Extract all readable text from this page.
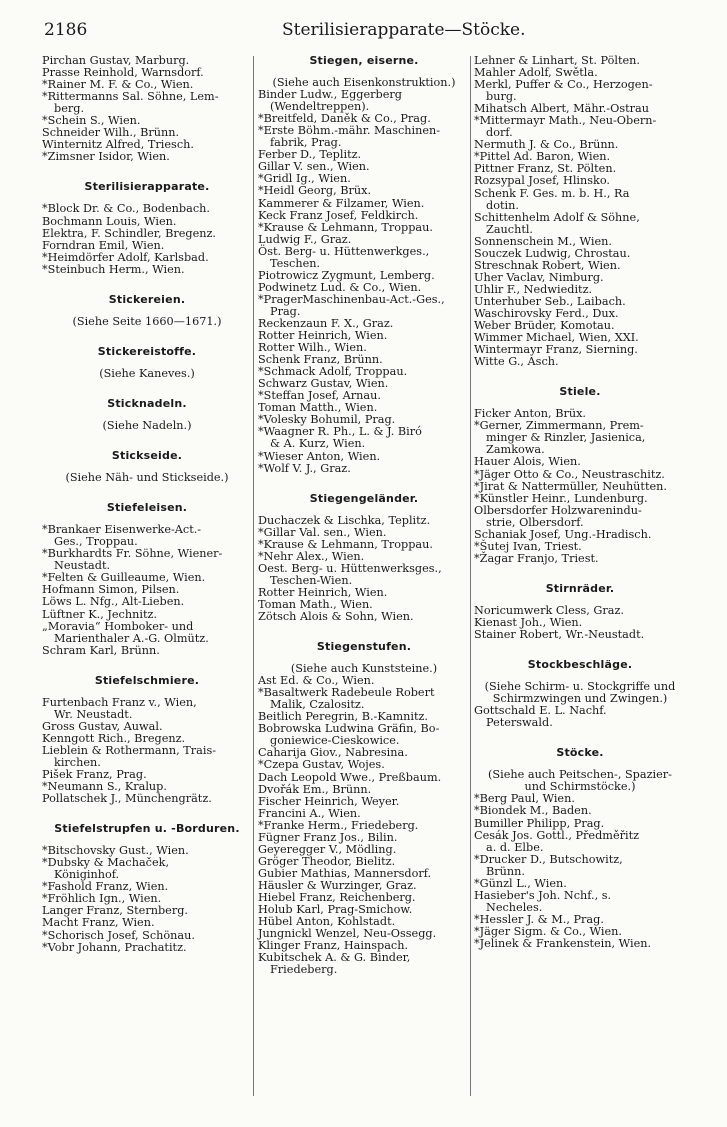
2186	Sterilisierapparate—Stöcke.
Pirchan Gustav, Marburg.
Prasse Reinhold, Warnsdorf.
*Rainer M. F. & Co., Wien.
*Rittermanns Sal. Söhne, Lem-
berg.
*Schein S., Wien.
Schneider Wilh., Brünn.
Winternitz Alfred, Triesch.
*Zimsner Isidor, Wien.
Sterilisierapparate.
*Block Dr. & Co., Bodenbach.
Bochmann Louis, Wien.
Elektra, F. Schindler, Bregenz.
Forndran Emil, Wien.
*Heimdörfer Adolf, Karlsbad.
*Steinbuch Herm., Wien.
Stickereien.
(Siehe Seite 1660—1671.)
Stickereistoffe.
(Siehe Kaneves.)
Sticknadeln.
(Siehe Nadeln.)
Stickseide.
(Siehe Näh- und Stickseide.)
Stiefeleisen.
*Brankaer Eisenwerke-Act.-
Ges., Troppau.
*Burkhardts Fr. Söhne, Wiener-
Neustadt.
*Felten & Guilleaume, Wien.
Hofmann Simon, Pilsen.
Löws L. Nfg., Alt-Lieben.
Lüftner K., Jechnitz.
„Moravia“ Homboker- und
Marienthaler A.-G. Olmütz.
Schram Karl, Brünn.
Stiefelschmiere.
Furtenbach Franz v., Wien,
Wr. Neustadt.
Gross Gustav, Auwal.
Kenngott Rich., Bregenz.
Lieblein & Rothermann, Trais-
kirchen.
Pišek Franz, Prag.
*Neumann S., Kralup.
Pollatschek J., Münchengrätz.
Stiefelstrupfen u. -Borduren.
*Bitschovsky Gust., Wien.
*Dubsky & Machaček,
Königinhof.
*Fashold Franz, Wien.
*Fröhlich Ign., Wien.
Langer Franz, Sternberg.
Macht Franz, Wien.
*Schorisch Josef, Schönau.
*Vobr Johann, Prachatitz.
Stiegen, eiserne.
(Siehe auch Eisenkonstruktion.)
Binder Ludw., Eggerberg
(Wendeltreppen).
*Breitfeld, Daněk & Co., Prag.
*Erste Böhm.-mähr. Maschinen-
fabrik, Prag.
Ferber D., Teplitz.
Gillar V. sen., Wien.
*Gridl Ig., Wien.
*Heidl Georg, Brüx.
Kammerer & Filzamer, Wien.
Keck Franz Josef, Feldkirch.
*Krause & Lehmann, Troppau.
Ludwig F., Graz.
Öst. Berg- u. Hüttenwerkges.,
Teschen.
Piotrowicz Zygmunt, Lemberg.
Podwinetz Lud. & Co., Wien.
*PragerMaschinenbau-Act.-Ges.,
Prag.
Reckenzaun F. X., Graz.
Rotter Heinrich, Wien.
Rotter Wilh., Wien.
Schenk Franz, Brünn.
*Schmack Adolf, Troppau.
Schwarz Gustav, Wien.
*Steffan Josef, Arnau.
Toman Matth., Wien.
*Volesky Bohumil, Prag.
*Waagner R. Ph., L. & J. Biró
& A. Kurz, Wien.
*Wieser Anton, Wien.
*Wolf V. J., Graz.
Stiegengeländer.
Duchaczek & Lischka, Teplitz.
*Gillar Val. sen., Wien.
*Krause & Lehmann, Troppau.
*Nehr Alex., Wien.
Oest. Berg- u. Hüttenwerksges.,
Teschen-Wien.
Rotter Heinrich, Wien.
Toman Math., Wien.
Zötsch Alois & Sohn, Wien.
Stiegenstufen.
(Siehe auch Kunststeine.)
Ast Ed. & Co., Wien.
*Basaltwerk Radebeule Robert
Malik, Czalositz.
Beitlich Peregrin, B.-Kamnitz.
Bobrowska Ludwina Gräfin, Bo-
goniewice-Cieskowice.
Caharija Giov., Nabresina.
*Czepa Gustav, Wojes.
Dach Leopold Wwe., Preßbaum.
Dvořák Em., Brünn.
Fischer Heinrich, Weyer.
Francini A., Wien.
*Franke Herm., Friedeberg.
Fügner Franz Jos., Bilin.
Geyeregger V., Mödling.
Gröger Theodor, Bielitz.
Gubier Mathias, Mannersdorf.
Häusler & Wurzinger, Graz.
Hiebel Franz, Reichenberg.
Holub Karl, Prag-Smichow.
Hübel Anton, Kohlstadt.
Jungnickl Wenzel, Neu-Ossegg.
Klinger Franz, Hainspach.
Kubitschek A. & G. Binder,
Friedeberg.
Lehner & Linhart, St. Pölten.
Mahler Adolf, Swětla.
Merkl, Puffer & Co., Herzogen-
burg.
Mihatsch Albert, Mähr.-Ostrau
*Mittermayr Math., Neu-Obern-
dorf.
Nermuth J. & Co., Brünn.
*Pittel Ad. Baron, Wien.
Pittner Franz, St. Pölten.
Rozsypal Josef, Hlinsko.
Schenk F. Ges. m. b. H., Ra
dotin.
Schittenhelm Adolf & Söhne,
Zauchtl.
Sonnenschein M., Wien.
Souczek Ludwig, Chrostau.
Streschnak Robert, Wien.
Uher Vaclav, Nimburg.
Uhlir F., Nedwieditz.
Unterhuber Seb., Laibach.
Waschirovsky Ferd., Dux.
Weber Brüder, Komotau.
Wimmer Michael, Wien, XXI.
Wintermayr Franz, Sierning.
Witte G., Asch.
Stiele.
Ficker Anton, Brüx.
*Gerner, Zimmermann, Prem-
minger & Rinzler, Jasienica,
Zamkowa.
Hauer Alois, Wien.
*Jäger Otto & Co., Neustraschitz.
*Jirat & Nattermüller, Neuhütten.
*Künstler Heinr., Lundenburg.
Olbersdorfer Holzwarenindu-
strie, Olbersdorf.
Schaniak Josef, Ung.-Hradisch.
*Šutej Ivan, Triest.
*Žagar Franjo, Triest.
Stirnräder.
Noricumwerk Cless, Graz.
Kienast Joh., Wien.
Stainer Robert, Wr.-Neustadt.
Stockbeschläge.
(Siehe Schirm- u. Stockgriffe und
Schirmzwingen und Zwingen.)
Gottschald E. L. Nachf.
Peterswald.
Stöcke.
(Siehe auch Peitschen-, Spazier-
und Schirmstöcke.)
*Berg Paul, Wien.
*Biondek M., Baden.
Bumiller Philipp, Prag.
Cesák Jos. Gottl., Předměřitz
a. d. Elbe.
*Drucker D., Butschowitz,
Brünn.
*Günzl L., Wien.
Hasieber's Joh. Nchf., s.
Necheles.
*Hessler J. & M., Prag.
*Jäger Sigm. & Co., Wien.
*Jelinek & Frankenstein, Wien.
